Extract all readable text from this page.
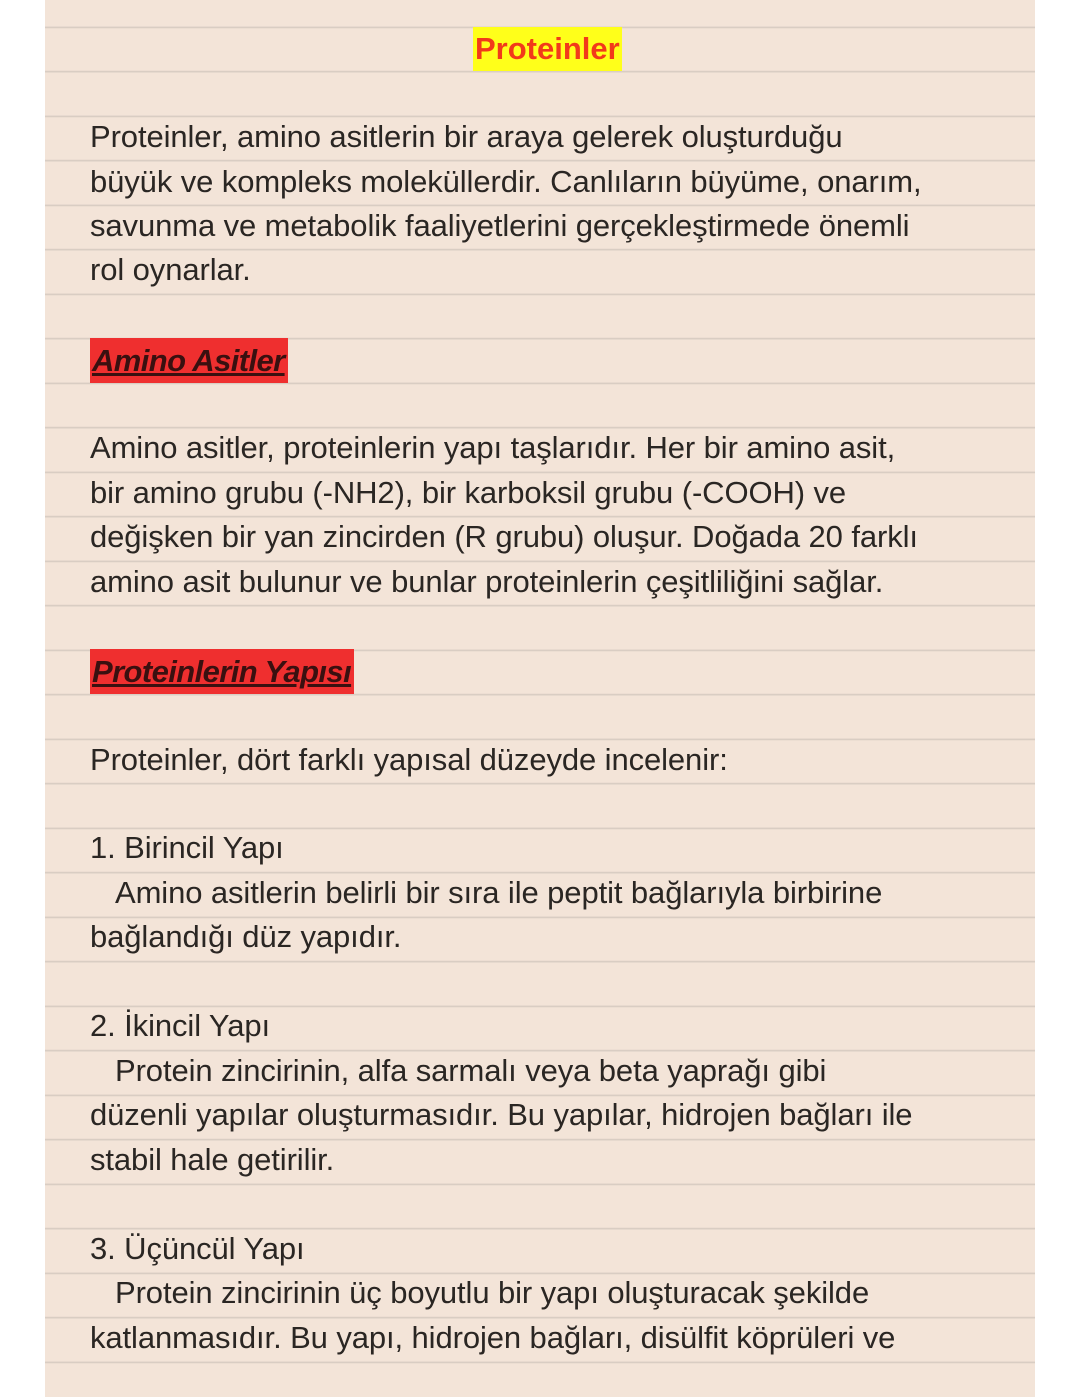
Proteinler
Proteinler, amino asitlerin bir araya gelerek oluşturduğu
büyük ve kompleks moleküllerdir. Canlıların büyüme, onarım,
savunma ve metabolik faaliyetlerini gerçekleştirmede önemli
rol oynarlar.
Amino Asitler
Amino asitler, proteinlerin yapı taşlarıdır. Her bir amino asit,
bir amino grubu (-NH2), bir karboksil grubu (-COOH) ve
değişken bir yan zincirden (R grubu) oluşur. Doğada 20 farklı
amino asit bulunur ve bunlar proteinlerin çeşitliliğini sağlar.
Proteinlerin Yapısı
Proteinler, dört farklı yapısal düzeyde incelenir:
1. Birincil Yapı
Amino asitlerin belirli bir sıra ile peptit bağlarıyla birbirine
bağlandığı düz yapıdır.
2. İkincil Yapı
Protein zincirinin, alfa sarmalı veya beta yaprağı gibi
düzenli yapılar oluşturmasıdır. Bu yapılar, hidrojen bağları ile
stabil hale getirilir.
3. Üçüncül Yapı
Protein zincirinin üç boyutlu bir yapı oluşturacak şekilde
katlanmasıdır. Bu yapı, hidrojen bağları, disülfit köprüleri ve
